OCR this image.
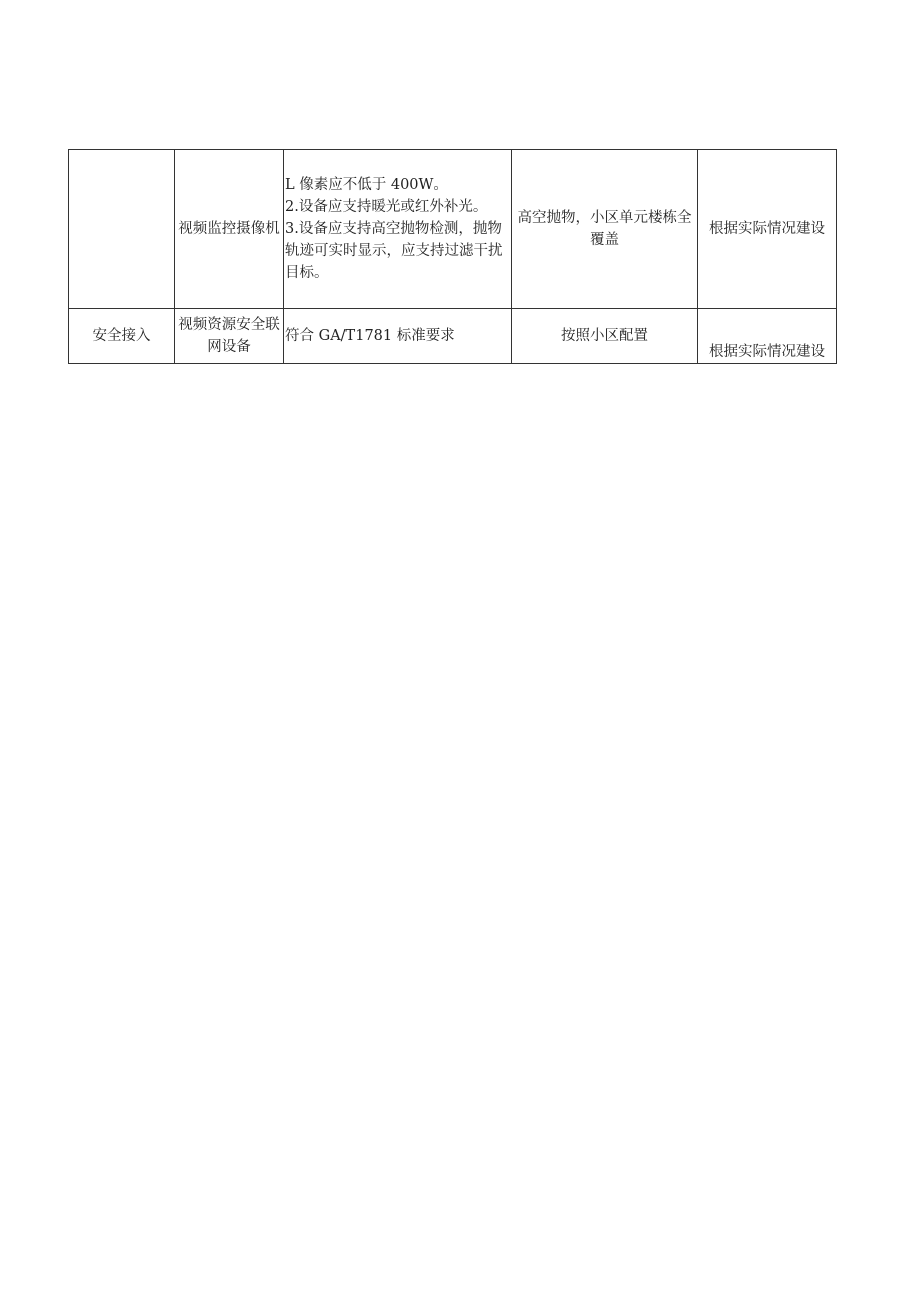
	视频监控摄像机	L 像素应不低于 400W。
2.设备应支持暖光或红外补光。
3.设备应支持高空抛物检测，抛物轨迹可实时显示，应支持过滤干扰目标。	高空抛物，小区单元楼栋全覆盖	根据实际情况建设
安全接入	视频资源安全联网设备	符合 GA/T1781 标准要求	按照小区配置	根据实际情况建设
